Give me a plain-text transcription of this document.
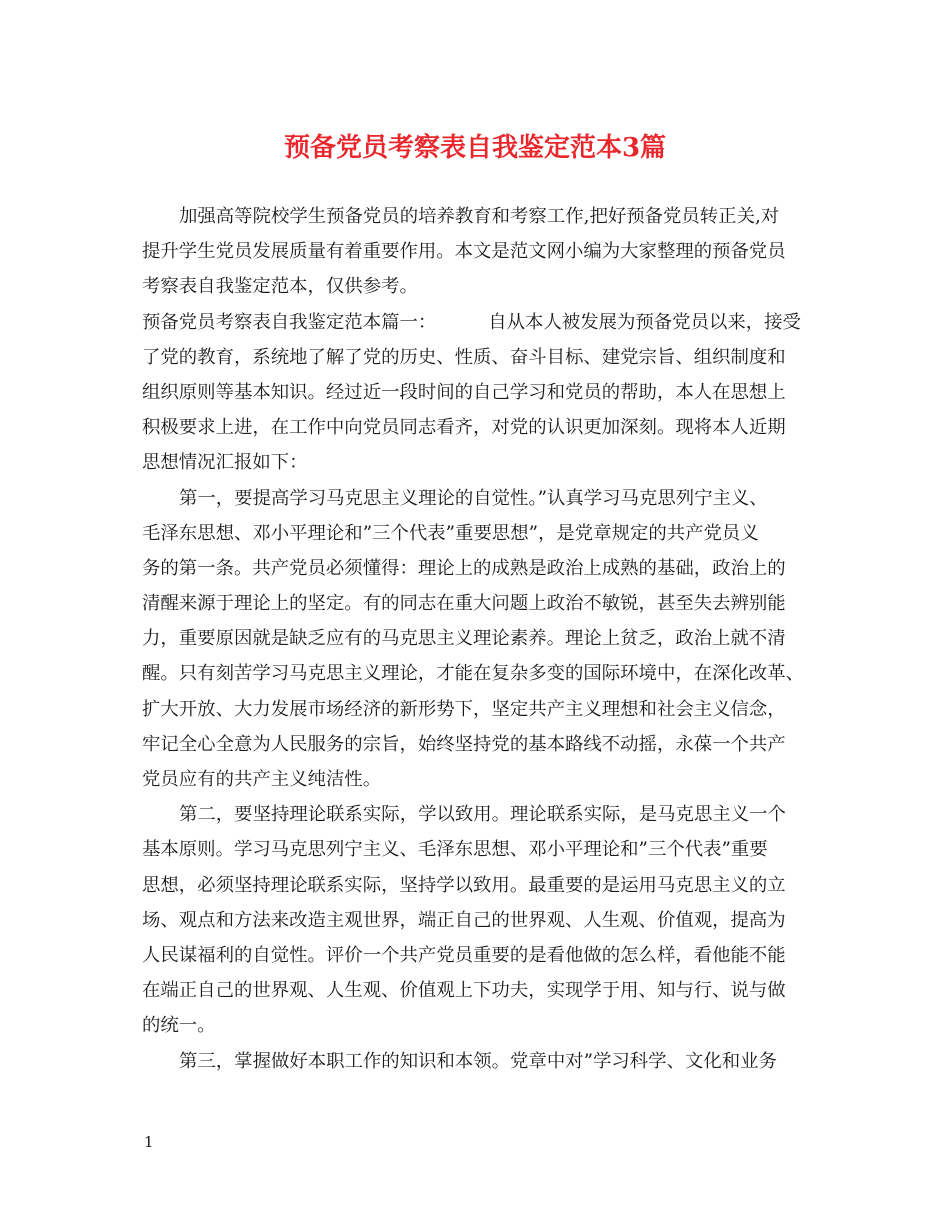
预备党员考察表自我鉴定范本3篇
加强高等院校学生预备党员的培养教育和考察工作,把好预备党员转正关,对
提升学生党员发展质量有着重要作用。本文是范文网小编为大家整理的预备党员
考察表自我鉴定范本，仅供参考。
预备党员考察表自我鉴定范本篇一：	自从本人被发展为预备党员以来，接受
了党的教育，系统地了解了党的历史、性质、奋斗目标、建党宗旨、组织制度和
组织原则等基本知识。经过近一段时间的自己学习和党员的帮助，本人在思想上
积极要求上进，在工作中向党员同志看齐，对党的认识更加深刻。现将本人近期
思想情况汇报如下：
第一，要提高学习马克思主义理论的自觉性。”认真学习马克思列宁主义、
毛泽东思想、邓小平理论和”三个代表”重要思想”，是党章规定的共产党员义
务的第一条。共产党员必须懂得：理论上的成熟是政治上成熟的基础，政治上的
清醒来源于理论上的坚定。有的同志在重大问题上政治不敏锐，甚至失去辨别能
力，重要原因就是缺乏应有的马克思主义理论素养。理论上贫乏，政治上就不清
醒。只有刻苦学习马克思主义理论，才能在复杂多变的国际环境中，在深化改革、
扩大开放、大力发展市场经济的新形势下，坚定共产主义理想和社会主义信念，
牢记全心全意为人民服务的宗旨，始终坚持党的基本路线不动摇，永葆一个共产
党员应有的共产主义纯洁性。
第二，要坚持理论联系实际，学以致用。理论联系实际，是马克思主义一个
基本原则。学习马克思列宁主义、毛泽东思想、邓小平理论和”三个代表”重要
思想，必须坚持理论联系实际，坚持学以致用。最重要的是运用马克思主义的立
场、观点和方法来改造主观世界，端正自己的世界观、人生观、价值观，提高为
人民谋福利的自觉性。评价一个共产党员重要的是看他做的怎么样，看他能不能
在端正自己的世界观、人生观、价值观上下功夫，实现学于用、知与行、说与做
的统一。
第三，掌握做好本职工作的知识和本领。党章中对”学习科学、文化和业务
1
